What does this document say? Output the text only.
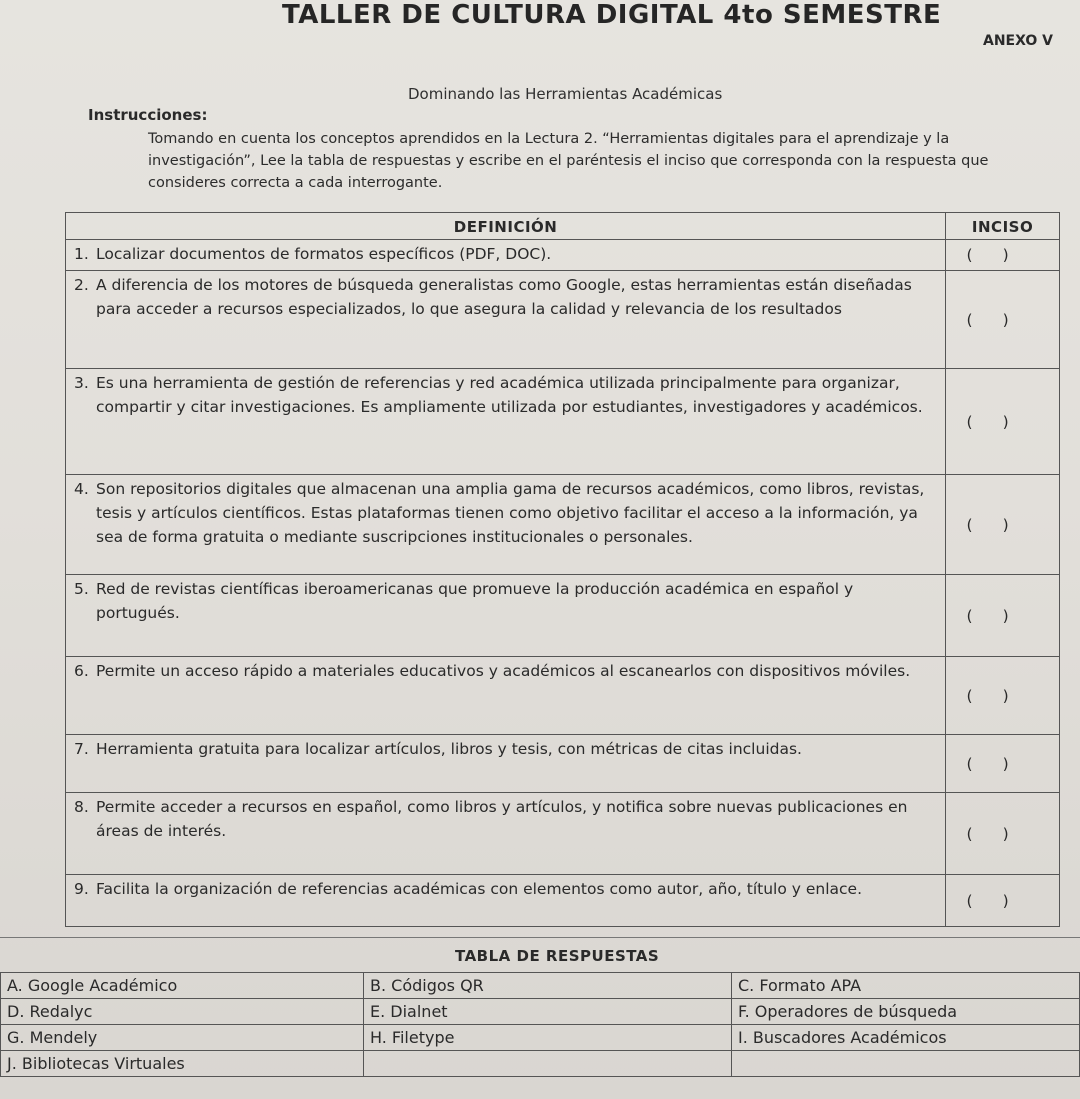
TALLER DE CULTURA DIGITAL 4to SEMESTRE
ANEXO V
Dominando las Herramientas Académicas
Instrucciones:
Tomando en cuenta los conceptos aprendidos en la Lectura 2. “Herramientas digitales para el aprendizaje y la investigación”, Lee la tabla de respuestas y escribe en el paréntesis el inciso que corresponda con la respuesta que consideres correcta a cada interrogante.
DEFINICIÓN	INCISO

1. Localizar documentos de formatos específicos (PDF, DOC).	()

2. A diferencia de los motores de búsqueda generalistas como Google, estas herramientas están diseñadas para acceder a recursos especializados, lo que asegura la calidad y relevancia de los resultados	()

3. Es una herramienta de gestión de referencias y red académica utilizada principalmente para organizar, compartir y citar investigaciones. Es ampliamente utilizada por estudiantes, investigadores y académicos.	()

4. Son repositorios digitales que almacenan una amplia gama de recursos académicos, como libros, revistas, tesis y artículos científicos. Estas plataformas tienen como objetivo facilitar el acceso a la información, ya sea de forma gratuita o mediante suscripciones institucionales o personales.	()

5. Red de revistas científicas iberoamericanas que promueve la producción académica en español y portugués.	()

6. Permite un acceso rápido a materiales educativos y académicos al escanearlos con dispositivos móviles.	()

7. Herramienta gratuita para localizar artículos, libros y tesis, con métricas de citas incluidas.	()

8. Permite acceder a recursos en español, como libros y artículos, y notifica sobre nuevas publicaciones en áreas de interés.	()

9. Facilita la organización de referencias académicas con elementos como autor, año, título y enlace.	()
TABLA DE RESPUESTAS
A. Google Académico	B. Códigos QR	C. Formato APA
D. Redalyc	E. Dialnet	F. Operadores de búsqueda
G. Mendely	H. Filetype	I. Buscadores Académicos
J. Bibliotecas Virtuales		
